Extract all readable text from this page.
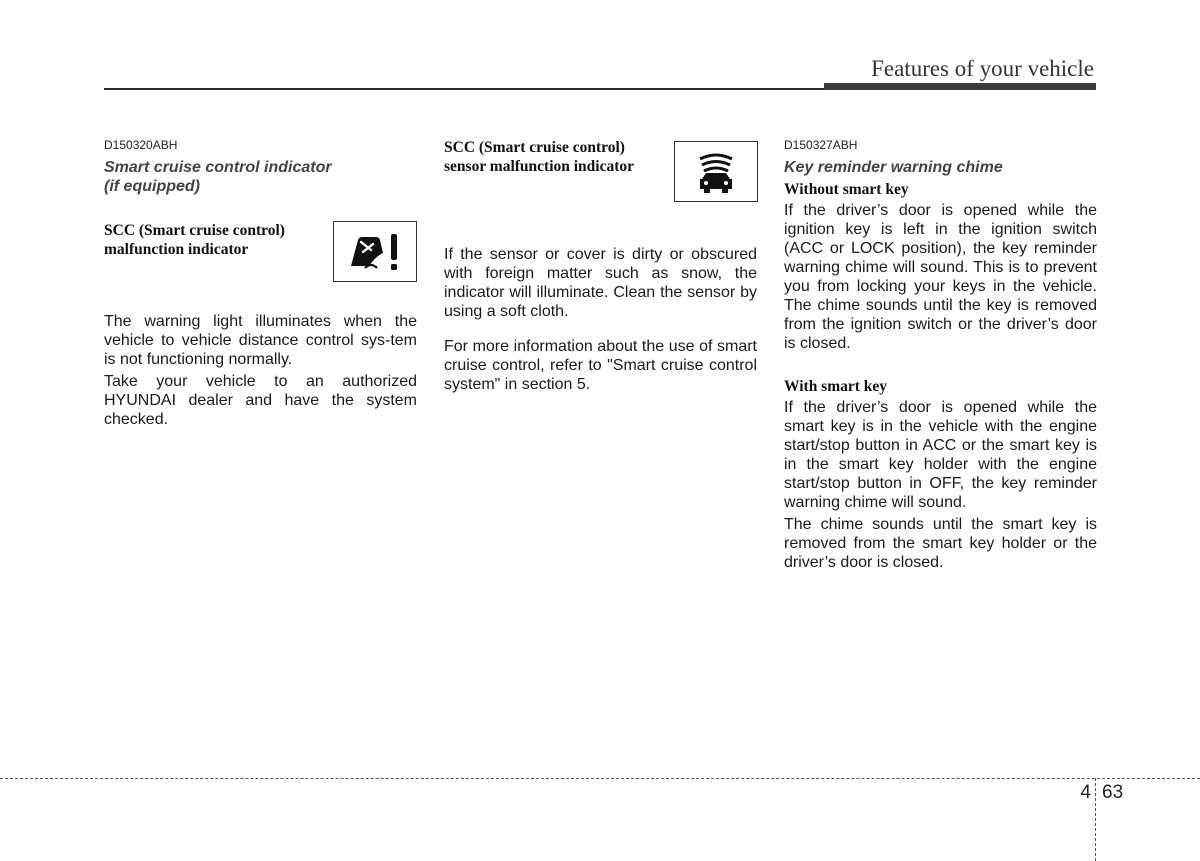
Features of your vehicle

D150320ABH

Smart cruise control indicator

(if equipped)

SCC (Smart cruise control)

malfunction indicator

The warning light illuminates when the vehicle to vehicle distance control sys-tem is not functioning normally.

Take your vehicle to an authorized HYUNDAI dealer and have the system checked.

SCC (Smart cruise control)

sensor malfunction indicator

If the sensor or cover is dirty or obscured with foreign matter such as snow, the indicator will illuminate. Clean the sensor by using a soft cloth.

For more information about the use of smart cruise control, refer to "Smart cruise control system" in section 5.

D150327ABH

Key reminder warning chime

Without smart key

If the driver’s door is opened while the ignition key is left in the ignition switch (ACC or LOCK position), the key reminder warning chime will sound. This is to prevent you from locking your keys in the vehicle. The chime sounds until the key is removed from the ignition switch or the driver’s door is closed.

With smart key

If the driver’s door is opened while the smart key is in the vehicle with the engine start/stop button in ACC or the smart key is in the smart key holder with the engine start/stop button in OFF, the key reminder warning chime will sound.

The chime sounds until the smart key is removed from the smart key holder or the driver’s door is closed.

4 63
